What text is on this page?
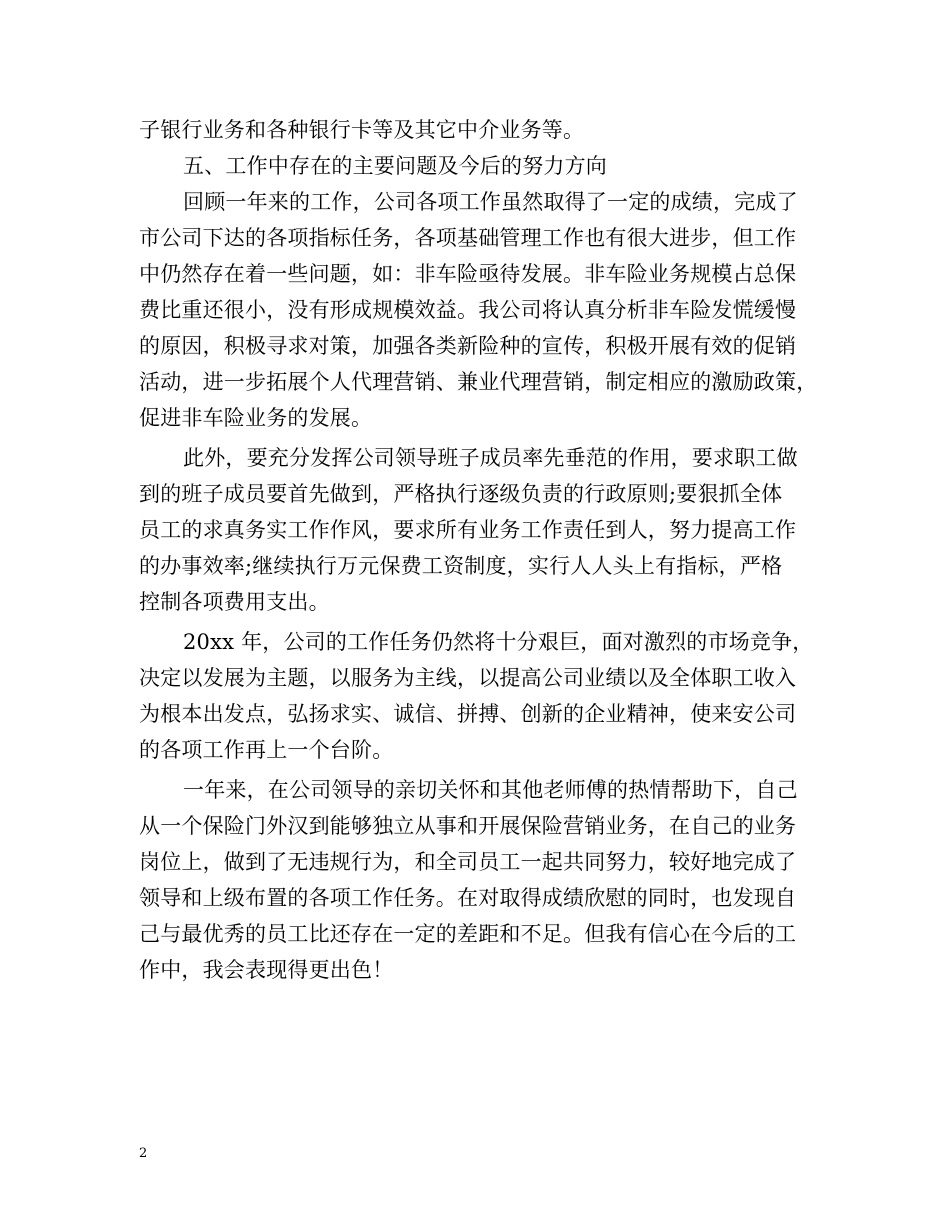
子银行业务和各种银行卡等及其它中介业务等。
五、工作中存在的主要问题及今后的努力方向
回顾一年来的工作，公司各项工作虽然取得了一定的成绩，完成了
市公司下达的各项指标任务，各项基础管理工作也有很大进步，但工作
中仍然存在着一些问题，如：非车险亟待发展。非车险业务规模占总保
费比重还很小，没有形成规模效益。我公司将认真分析非车险发慌缓慢
的原因，积极寻求对策，加强各类新险种的宣传，积极开展有效的促销
活动，进一步拓展个人代理营销、兼业代理营销，制定相应的激励政策，
促进非车险业务的发展。
此外，要充分发挥公司领导班子成员率先垂范的作用，要求职工做
到的班子成员要首先做到，严格执行逐级负责的行政原则;要狠抓全体
员工的求真务实工作作风，要求所有业务工作责任到人，努力提高工作
的办事效率;继续执行万元保费工资制度，实行人人头上有指标，严格
控制各项费用支出。
20xx 年，公司的工作任务仍然将十分艰巨，面对激烈的市场竞争，
决定以发展为主题，以服务为主线，以提高公司业绩以及全体职工收入
为根本出发点，弘扬求实、诚信、拼搏、创新的企业精神，使来安公司
的各项工作再上一个台阶。
一年来，在公司领导的亲切关怀和其他老师傅的热情帮助下，自己
从一个保险门外汉到能够独立从事和开展保险营销业务，在自己的业务
岗位上，做到了无违规行为，和全司员工一起共同努力，较好地完成了
领导和上级布置的各项工作任务。在对取得成绩欣慰的同时，也发现自
己与最优秀的员工比还存在一定的差距和不足。但我有信心在今后的工
作中，我会表现得更出色！
2
